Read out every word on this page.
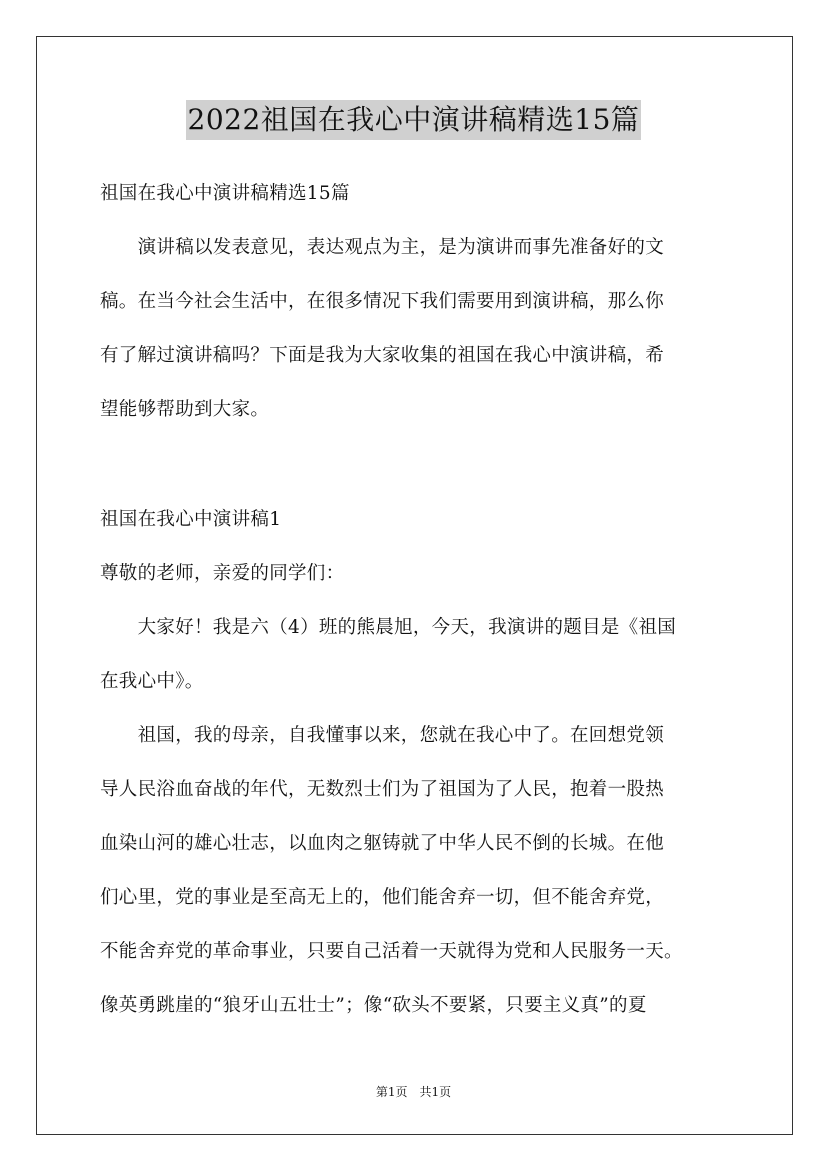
2022祖国在我心中演讲稿精选15篇
祖国在我心中演讲稿精选15篇
　　演讲稿以发表意见，表达观点为主，是为演讲而事先准备好的文
稿。在当今社会生活中，在很多情况下我们需要用到演讲稿，那么你
有了解过演讲稿吗？下面是我为大家收集的祖国在我心中演讲稿，希
望能够帮助到大家。
祖国在我心中演讲稿1
尊敬的老师，亲爱的同学们：
　　大家好！我是六（4）班的熊晨旭，今天，我演讲的题目是《祖国
在我心中》。
　　祖国，我的母亲，自我懂事以来，您就在我心中了。在回想党领
导人民浴血奋战的年代，无数烈士们为了祖国为了人民，抱着一股热
血染山河的雄心壮志，以血肉之躯铸就了中华人民不倒的长城。在他
们心里，党的事业是至高无上的，他们能舍弃一切，但不能舍弃党，
不能舍弃党的革命事业，只要自己活着一天就得为党和人民服务一天。
像英勇跳崖的“狼牙山五壮士”；像“砍头不要紧，只要主义真”的夏
第1页　共1页
